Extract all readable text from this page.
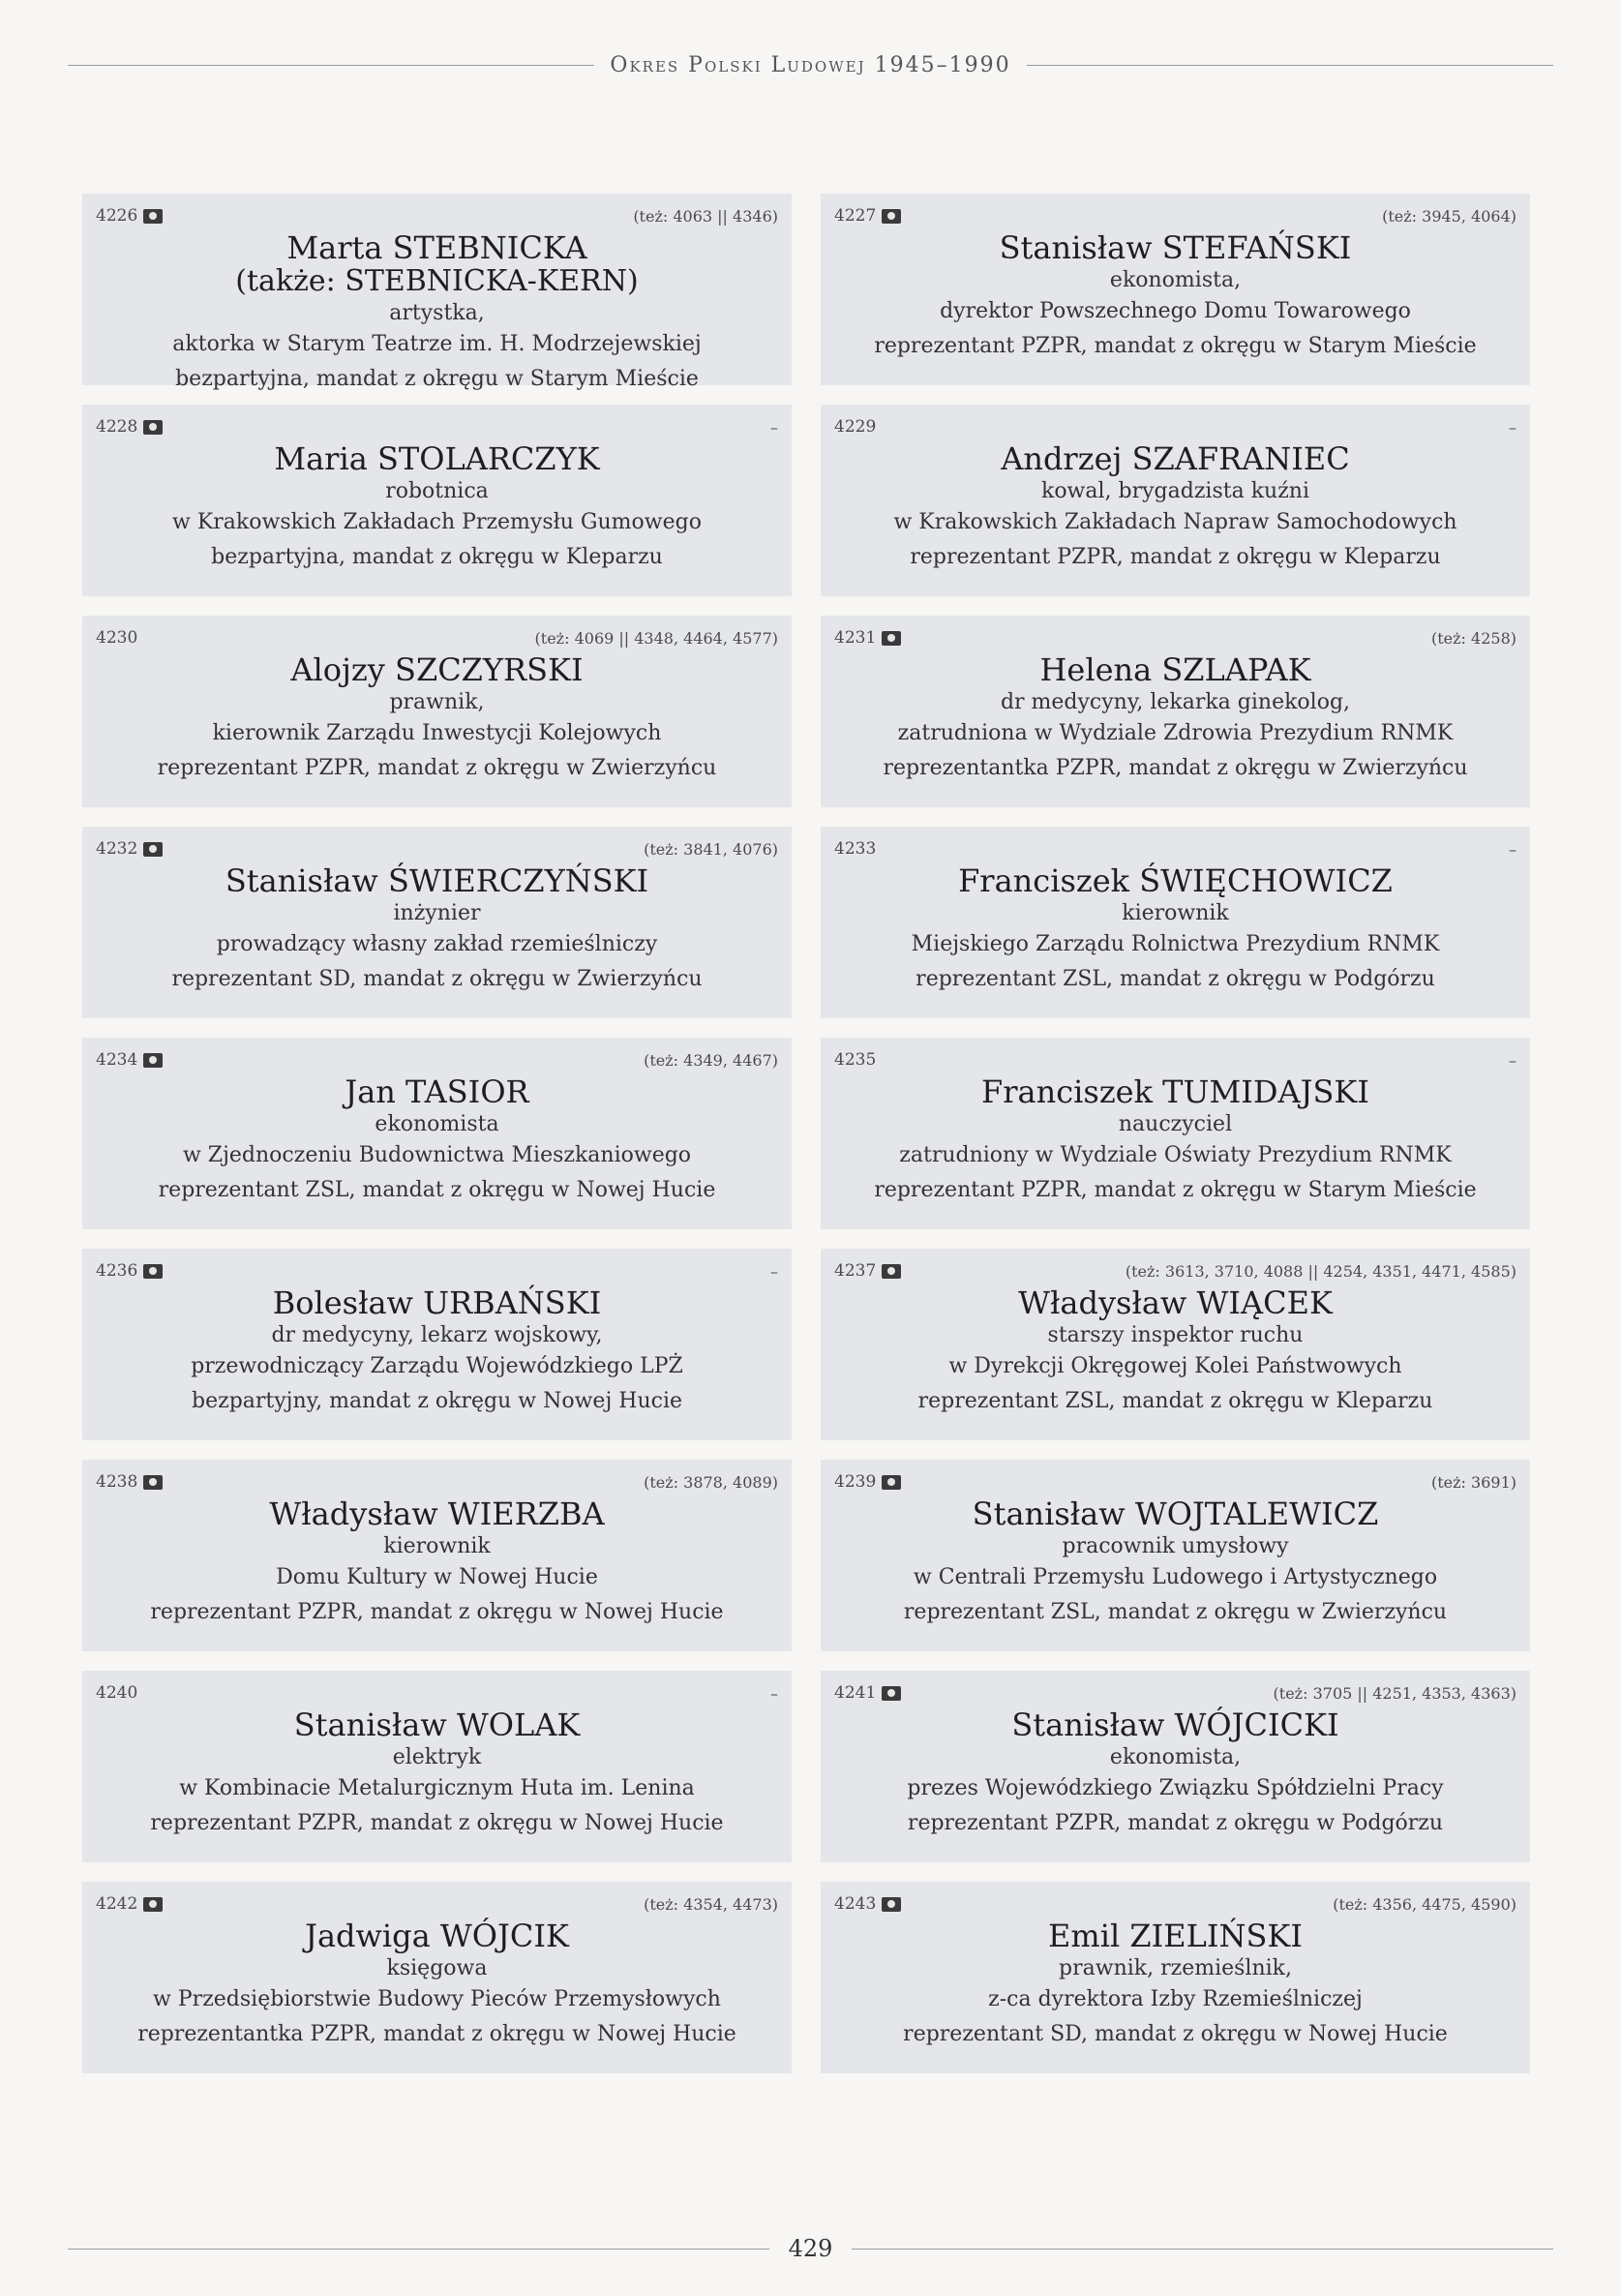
Okres Polski Ludowej 1945–1990
4226	(też: 4063 || 4346)
Marta STEBNICKA
(także: STEBNICKA-KERN)
artystka,
aktorka w Starym Teatrze im. H. Modrzejewskiej
bezpartyjna, mandat z okręgu w Starym Mieście
4227	(też: 3945, 4064)
Stanisław STEFAŃSKI
ekonomista,
dyrektor Powszechnego Domu Towarowego
reprezentant PZPR, mandat z okręgu w Starym Mieście
4228	–
Maria STOLARCZYK
robotnica
w Krakowskich Zakładach Przemysłu Gumowego
bezpartyjna, mandat z okręgu w Kleparzu
4229	–
Andrzej SZAFRANIEC
kowal, brygadzista kuźni
w Krakowskich Zakładach Napraw Samochodowych
reprezentant PZPR, mandat z okręgu w Kleparzu
4230	(też: 4069 || 4348, 4464, 4577)
Alojzy SZCZYRSKI
prawnik,
kierownik Zarządu Inwestycji Kolejowych
reprezentant PZPR, mandat z okręgu w Zwierzyńcu
4231	(też: 4258)
Helena SZLAPAK
dr medycyny, lekarka ginekolog,
zatrudniona w Wydziale Zdrowia Prezydium RNMK
reprezentantka PZPR, mandat z okręgu w Zwierzyńcu
4232	(też: 3841, 4076)
Stanisław ŚWIERCZYŃSKI
inżynier
prowadzący własny zakład rzemieślniczy
reprezentant SD, mandat z okręgu w Zwierzyńcu
4233	–
Franciszek ŚWIĘCHOWICZ
kierownik
Miejskiego Zarządu Rolnictwa Prezydium RNMK
reprezentant ZSL, mandat z okręgu w Podgórzu
4234	(też: 4349, 4467)
Jan TASIOR
ekonomista
w Zjednoczeniu Budownictwa Mieszkaniowego
reprezentant ZSL, mandat z okręgu w Nowej Hucie
4235	–
Franciszek TUMIDAJSKI
nauczyciel
zatrudniony w Wydziale Oświaty Prezydium RNMK
reprezentant PZPR, mandat z okręgu w Starym Mieście
4236	–
Bolesław URBAŃSKI
dr medycyny, lekarz wojskowy,
przewodniczący Zarządu Wojewódzkiego LPŻ
bezpartyjny, mandat z okręgu w Nowej Hucie
4237	(też: 3613, 3710, 4088 || 4254, 4351, 4471, 4585)
Władysław WIĄCEK
starszy inspektor ruchu
w Dyrekcji Okręgowej Kolei Państwowych
reprezentant ZSL, mandat z okręgu w Kleparzu
4238	(też: 3878, 4089)
Władysław WIERZBA
kierownik
Domu Kultury w Nowej Hucie
reprezentant PZPR, mandat z okręgu w Nowej Hucie
4239	(też: 3691)
Stanisław WOJTALEWICZ
pracownik umysłowy
w Centrali Przemysłu Ludowego i Artystycznego
reprezentant ZSL, mandat z okręgu w Zwierzyńcu
4240	–
Stanisław WOLAK
elektryk
w Kombinacie Metalurgicznym Huta im. Lenina
reprezentant PZPR, mandat z okręgu w Nowej Hucie
4241	(też: 3705 || 4251, 4353, 4363)
Stanisław WÓJCICKI
ekonomista,
prezes Wojewódzkiego Związku Spółdzielni Pracy
reprezentant PZPR, mandat z okręgu w Podgórzu
4242	(też: 4354, 4473)
Jadwiga WÓJCIK
księgowa
w Przedsiębiorstwie Budowy Pieców Przemysłowych
reprezentantka PZPR, mandat z okręgu w Nowej Hucie
4243	(też: 4356, 4475, 4590)
Emil ZIELIŃSKI
prawnik, rzemieślnik,
z-ca dyrektora Izby Rzemieślniczej
reprezentant SD, mandat z okręgu w Nowej Hucie
429
